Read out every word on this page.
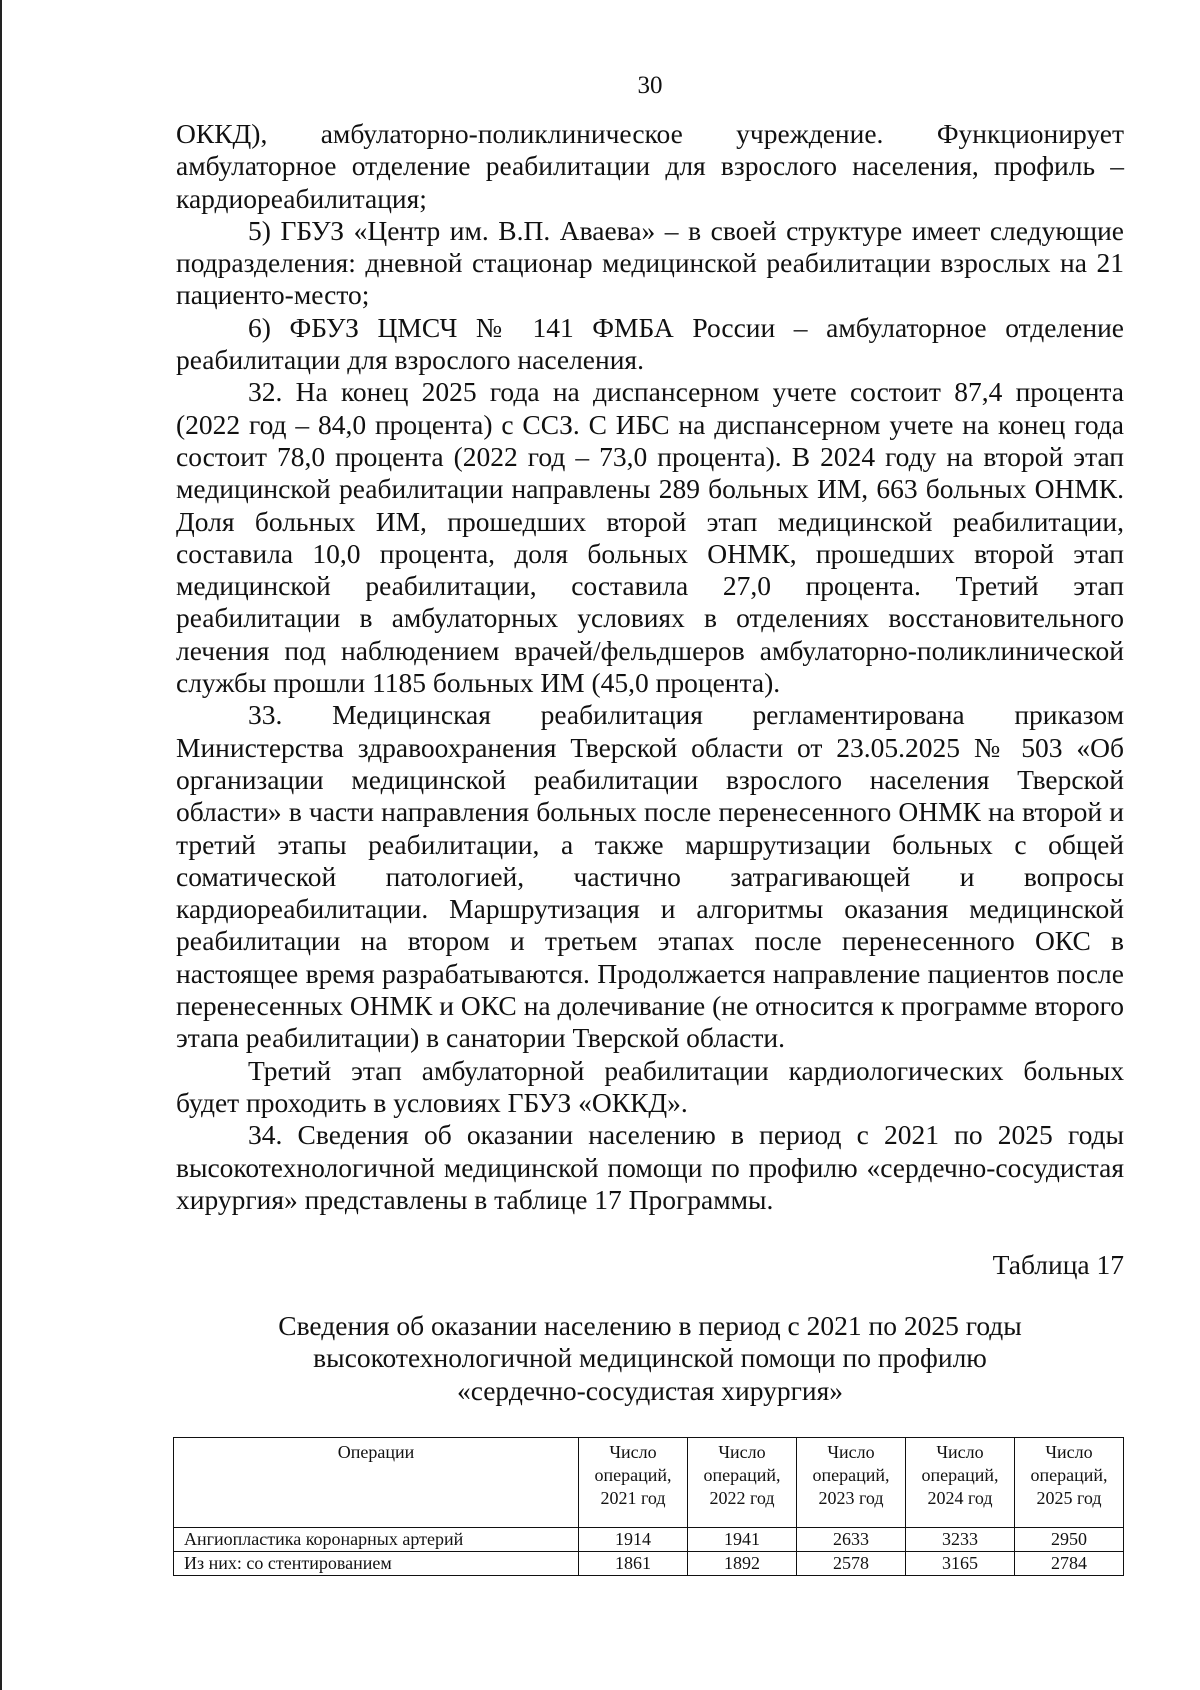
30

ОККД), амбулаторно-поликлиническое учреждение. Функционирует амбулаторное отделение реабилитации для взрослого населения, профиль – кардиореабилитация;

5) ГБУЗ «Центр им. В.П. Аваева» – в своей структуре имеет следующие подразделения: дневной стационар медицинской реабилитации взрослых на 21 пациенто-место;

6) ФБУЗ ЦМСЧ № 141 ФМБА России – амбулаторное отделение реабилитации для взрослого населения.

32. На конец 2025 года на диспансерном учете состоит 87,4 процента (2022 год – 84,0 процента) с ССЗ. С ИБС на диспансерном учете на конец года состоит 78,0 процента (2022 год – 73,0 процента). В 2024 году на второй этап медицинской реабилитации направлены 289 больных ИМ, 663 больных ОНМК. Доля больных ИМ, прошедших второй этап медицинской реабилитации, составила 10,0 процента, доля больных ОНМК, прошедших второй этап медицинской реабилитации, составила 27,0 процента. Третий этап реабилитации в амбулаторных условиях в отделениях восстановительного лечения под наблюдением врачей/фельдшеров амбулаторно-поликлинической службы прошли 1185 больных ИМ (45,0 процента).

33. Медицинская реабилитация регламентирована приказом Министерства здравоохранения Тверской области от 23.05.2025 № 503 «Об организации медицинской реабилитации взрослого населения Тверской области» в части направления больных после перенесенного ОНМК на второй и третий этапы реабилитации, а также маршрутизации больных с общей соматической патологией, частично затрагивающей и вопросы кардиореабилитации. Маршрутизация и алгоритмы оказания медицинской реабилитации на втором и третьем этапах после перенесенного ОКС в настоящее время разрабатываются. Продолжается направление пациентов после перенесенных ОНМК и ОКС на долечивание (не относится к программе второго этапа реабилитации) в санатории Тверской области.

Третий этап амбулаторной реабилитации кардиологических больных будет проходить в условиях ГБУЗ «ОККД».

34. Сведения об оказании населению в период с 2021 по 2025 годы высокотехнологичной медицинской помощи по профилю «сердечно-сосудистая хирургия» представлены в таблице 17 Программы.

Таблица 17
Сведения об оказании населению в период с 2021 по 2025 годы
высокотехнологичной медицинской помощи по профилю
«сердечно-сосудистая хирургия»
Операции	Число операций, 2021 год	Число операций, 2022 год	Число операций, 2023 год	Число операций, 2024 год	Число операций, 2025 год
Ангиопластика коронарных артерий	1914	1941	2633	3233	2950
Из них: со стентированием	1861	1892	2578	3165	2784
